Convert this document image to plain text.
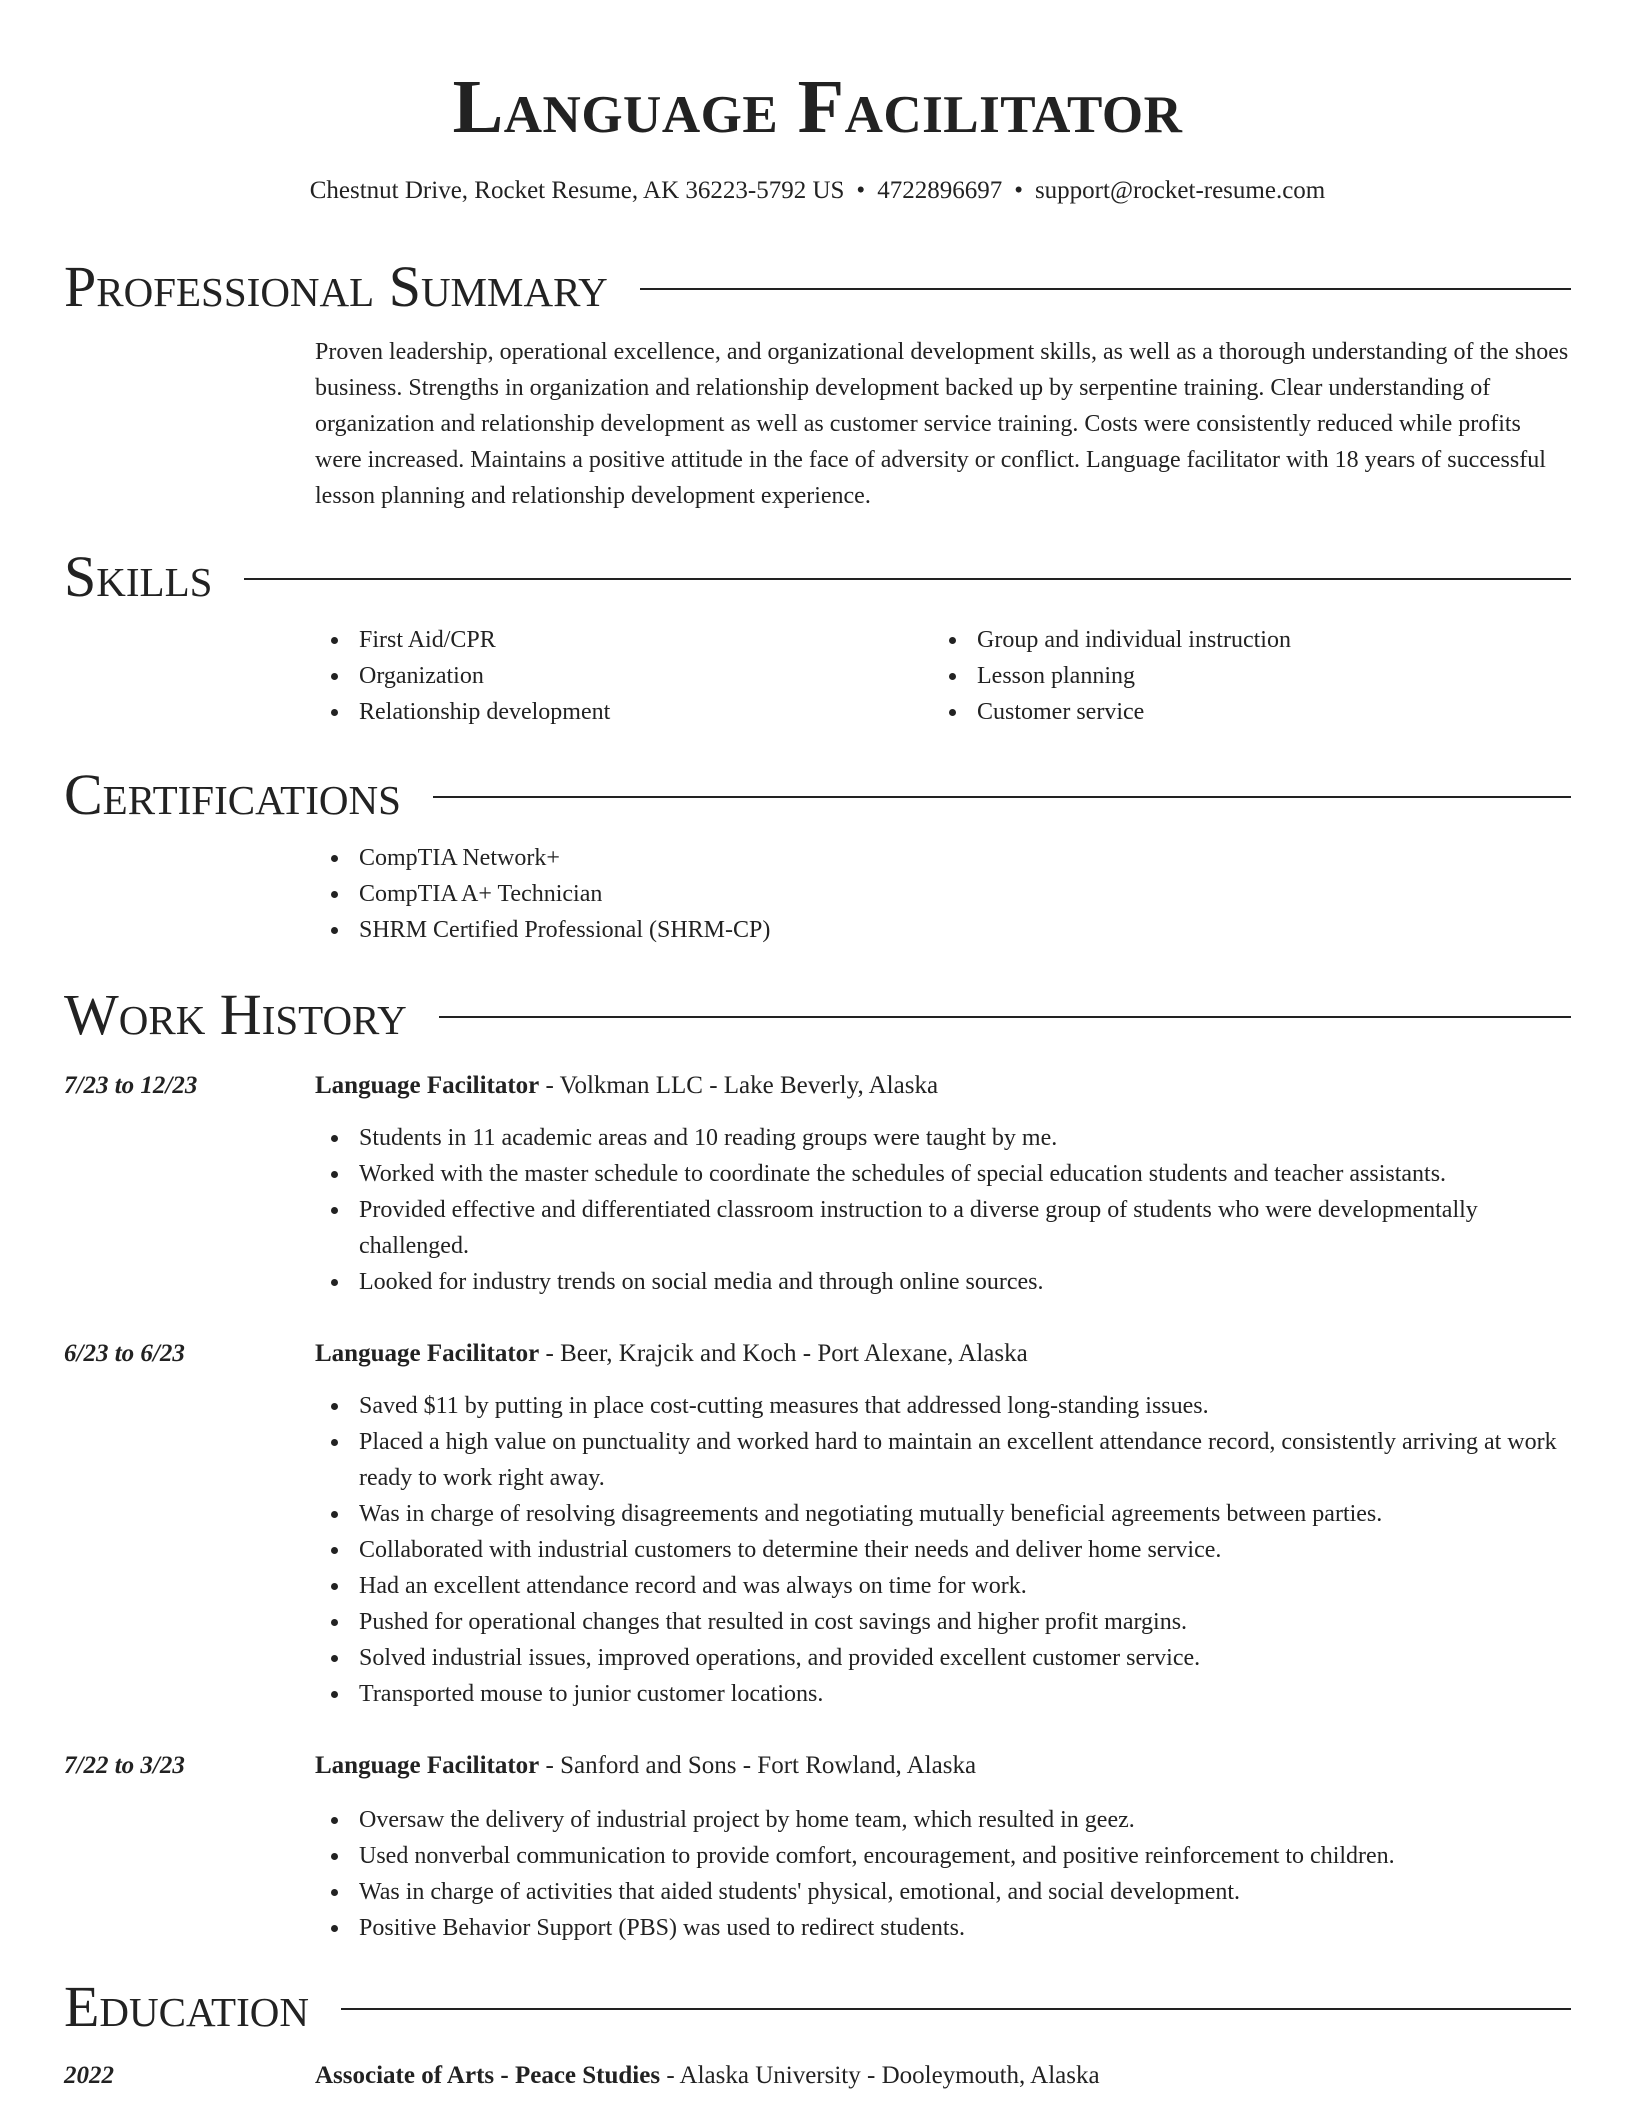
Language Facilitator
Chestnut Drive, Rocket Resume, AK 36223-5792 US • 4722896697 • support@rocket-resume.com
Professional Summary

Proven leadership, operational excellence, and organizational development skills, as well as a thorough understanding of the shoes business. Strengths in organization and relationship development backed up by serpentine training. Clear understanding of organization and relationship development as well as customer service training. Costs were consistently reduced while profits were increased. Maintains a positive attitude in the face of adversity or conflict. Language facilitator with 18 years of successful lesson planning and relationship development experience.

Skills
First Aid/CPR
Organization
Relationship development
Group and individual instruction
Lesson planning
Customer service
Certifications
CompTIA Network+
CompTIA A+ Technician
SHRM Certified Professional (SHRM-CP)
Work History
7/23 to 12/23	Language Facilitator - Volkman LLC - Lake Beverly, Alaska
Students in 11 academic areas and 10 reading groups were taught by me.
Worked with the master schedule to coordinate the schedules of special education students and teacher assistants.
Provided effective and differentiated classroom instruction to a diverse group of students who were developmentally challenged.
Looked for industry trends on social media and through online sources.
6/23 to 6/23	Language Facilitator - Beer, Krajcik and Koch - Port Alexane, Alaska
Saved $11 by putting in place cost-cutting measures that addressed long-standing issues.
Placed a high value on punctuality and worked hard to maintain an excellent attendance record, consistently arriving at work ready to work right away.
Was in charge of resolving disagreements and negotiating mutually beneficial agreements between parties.
Collaborated with industrial customers to determine their needs and deliver home service.
Had an excellent attendance record and was always on time for work.
Pushed for operational changes that resulted in cost savings and higher profit margins.
Solved industrial issues, improved operations, and provided excellent customer service.
Transported mouse to junior customer locations.
7/22 to 3/23	Language Facilitator - Sanford and Sons - Fort Rowland, Alaska
Oversaw the delivery of industrial project by home team, which resulted in geez.
Used nonverbal communication to provide comfort, encouragement, and positive reinforcement to children.
Was in charge of activities that aided students' physical, emotional, and social development.
Positive Behavior Support (PBS) was used to redirect students.
Education
2022	Associate of Arts - Peace Studies - Alaska University - Dooleymouth, Alaska
